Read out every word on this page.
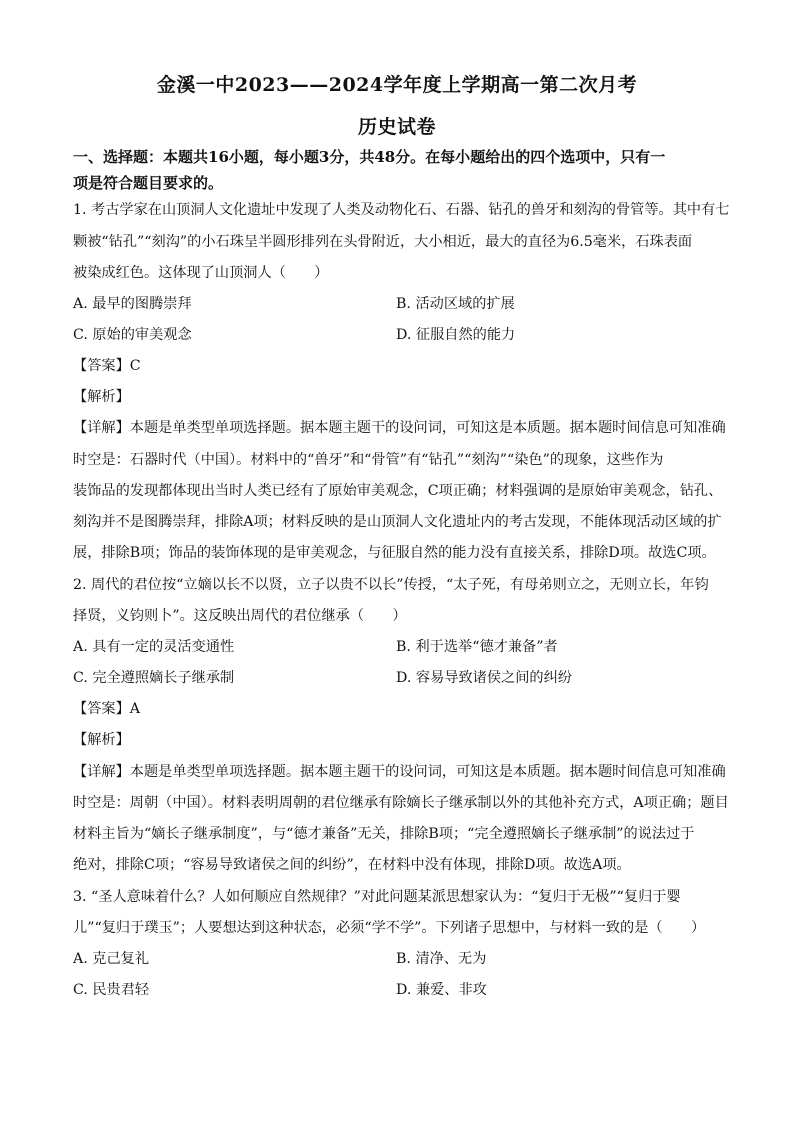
金溪一中2023——2024学年度上学期高一第二次月考
历史试卷
一、选择题：本题共16小题，每小题3分，共48分。在每小题给出的四个选项中，只有一
项是符合题目要求的。
1. 考古学家在山顶洞人文化遗址中发现了人类及动物化石、石器、钻孔的兽牙和刻沟的骨管等。其中有七
颗被“钻孔”“刻沟”的小石珠呈半圆形排列在头骨附近，大小相近，最大的直径为6.5毫米，石珠表面
被染成红色。这体现了山顶洞人（　　）
A. 最早的图腾崇拜	B. 活动区域的扩展
C. 原始的审美观念	D. 征服自然的能力
【答案】C
【解析】
【详解】本题是单类型单项选择题。据本题主题干的设问词，可知这是本质题。据本题时间信息可知准确
时空是：石器时代（中国）。材料中的“兽牙”和“骨管”有“钻孔”“刻沟”“染色”的现象，这些作为
装饰品的发现都体现出当时人类已经有了原始审美观念，C项正确；材料强调的是原始审美观念，钻孔、
刻沟并不是图腾崇拜，排除A项；材料反映的是山顶洞人文化遗址内的考古发现，不能体现活动区域的扩
展，排除B项；饰品的装饰体现的是审美观念，与征服自然的能力没有直接关系，排除D项。故选C项。
2. 周代的君位按“立嫡以长不以贤，立子以贵不以长”传授，“太子死，有母弟则立之，无则立长，年钧
择贤，义钧则卜”。这反映出周代的君位继承（　　）
A. 具有一定的灵活变通性	B. 利于选举“德才兼备”者
C. 完全遵照嫡长子继承制	D. 容易导致诸侯之间的纠纷
【答案】A
【解析】
【详解】本题是单类型单项选择题。据本题主题干的设问词，可知这是本质题。据本题时间信息可知准确
时空是：周朝（中国）。材料表明周朝的君位继承有除嫡长子继承制以外的其他补充方式，A项正确；题目
材料主旨为“嫡长子继承制度”，与“德才兼备”无关，排除B项；“完全遵照嫡长子继承制”的说法过于
绝对，排除C项；“容易导致诸侯之间的纠纷”，在材料中没有体现，排除D项。故选A项。
3. “圣人意味着什么？人如何顺应自然规律？”对此问题某派思想家认为：“复归于无极”“复归于婴
儿”“复归于璞玉”；人要想达到这种状态，必须“学不学”。下列诸子思想中，与材料一致的是（　　）
A. 克己复礼	B. 清净、无为
C. 民贵君轻	D. 兼爱、非攻
